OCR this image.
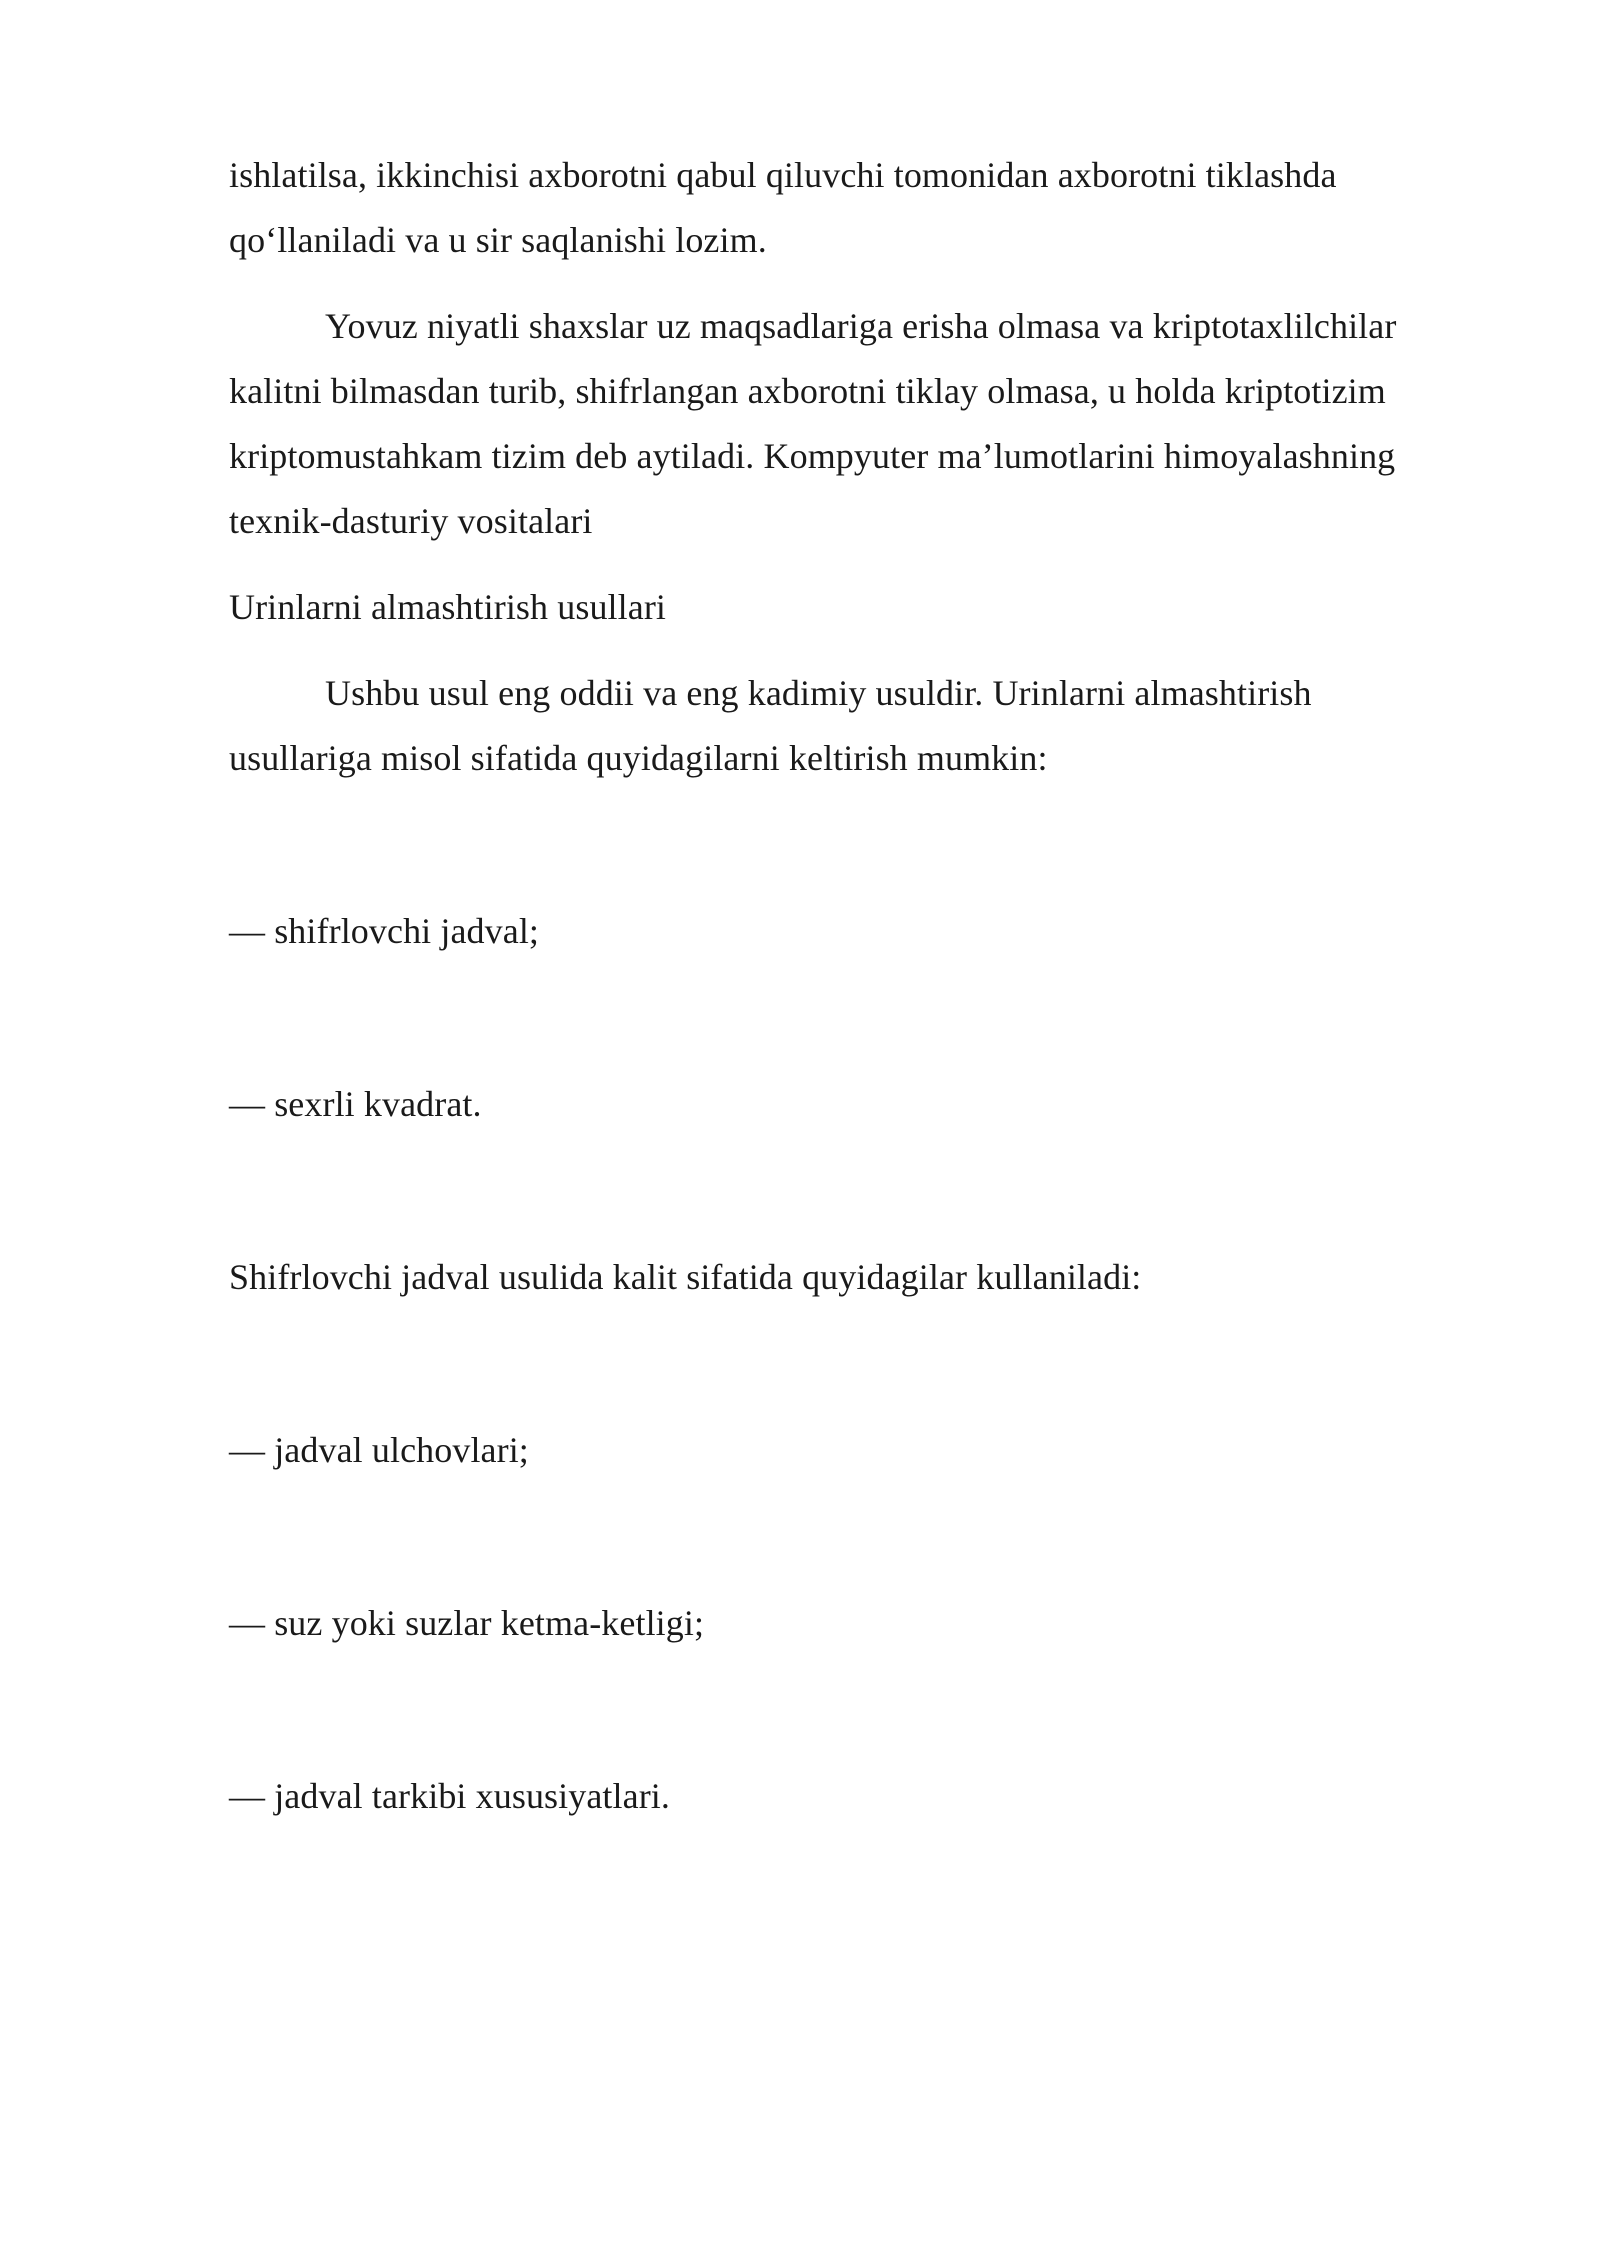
ishlatilsa, ikkinchisi axborotni qabul qiluvchi tomonidan axborotni tiklashda
qo‘llaniladi va u sir saqlanishi lozim.
Yovuz niyatli shaxslar uz maqsadlariga erisha olmasa va kriptotaxlilchilar
kalitni bilmasdan turib, shifrlangan axborotni tiklay olmasa, u holda kriptotizim
kriptomustahkam tizim deb aytiladi. Kompyuter ma’lumotlarini himoyalashning
texnik-dasturiy vositalari
Urinlarni almashtirish usullari
Ushbu usul eng oddii va eng kadimiy usuldir. Urinlarni almashtirish
usullariga misol sifatida quyidagilarni keltirish mumkin:
— shifrlovchi jadval;
— sexrli kvadrat.
Shifrlovchi jadval usulida kalit sifatida quyidagilar kullaniladi:
— jadval ulchovlari;
— suz yoki suzlar ketma-ketligi;
— jadval tarkibi xususiyatlari.
